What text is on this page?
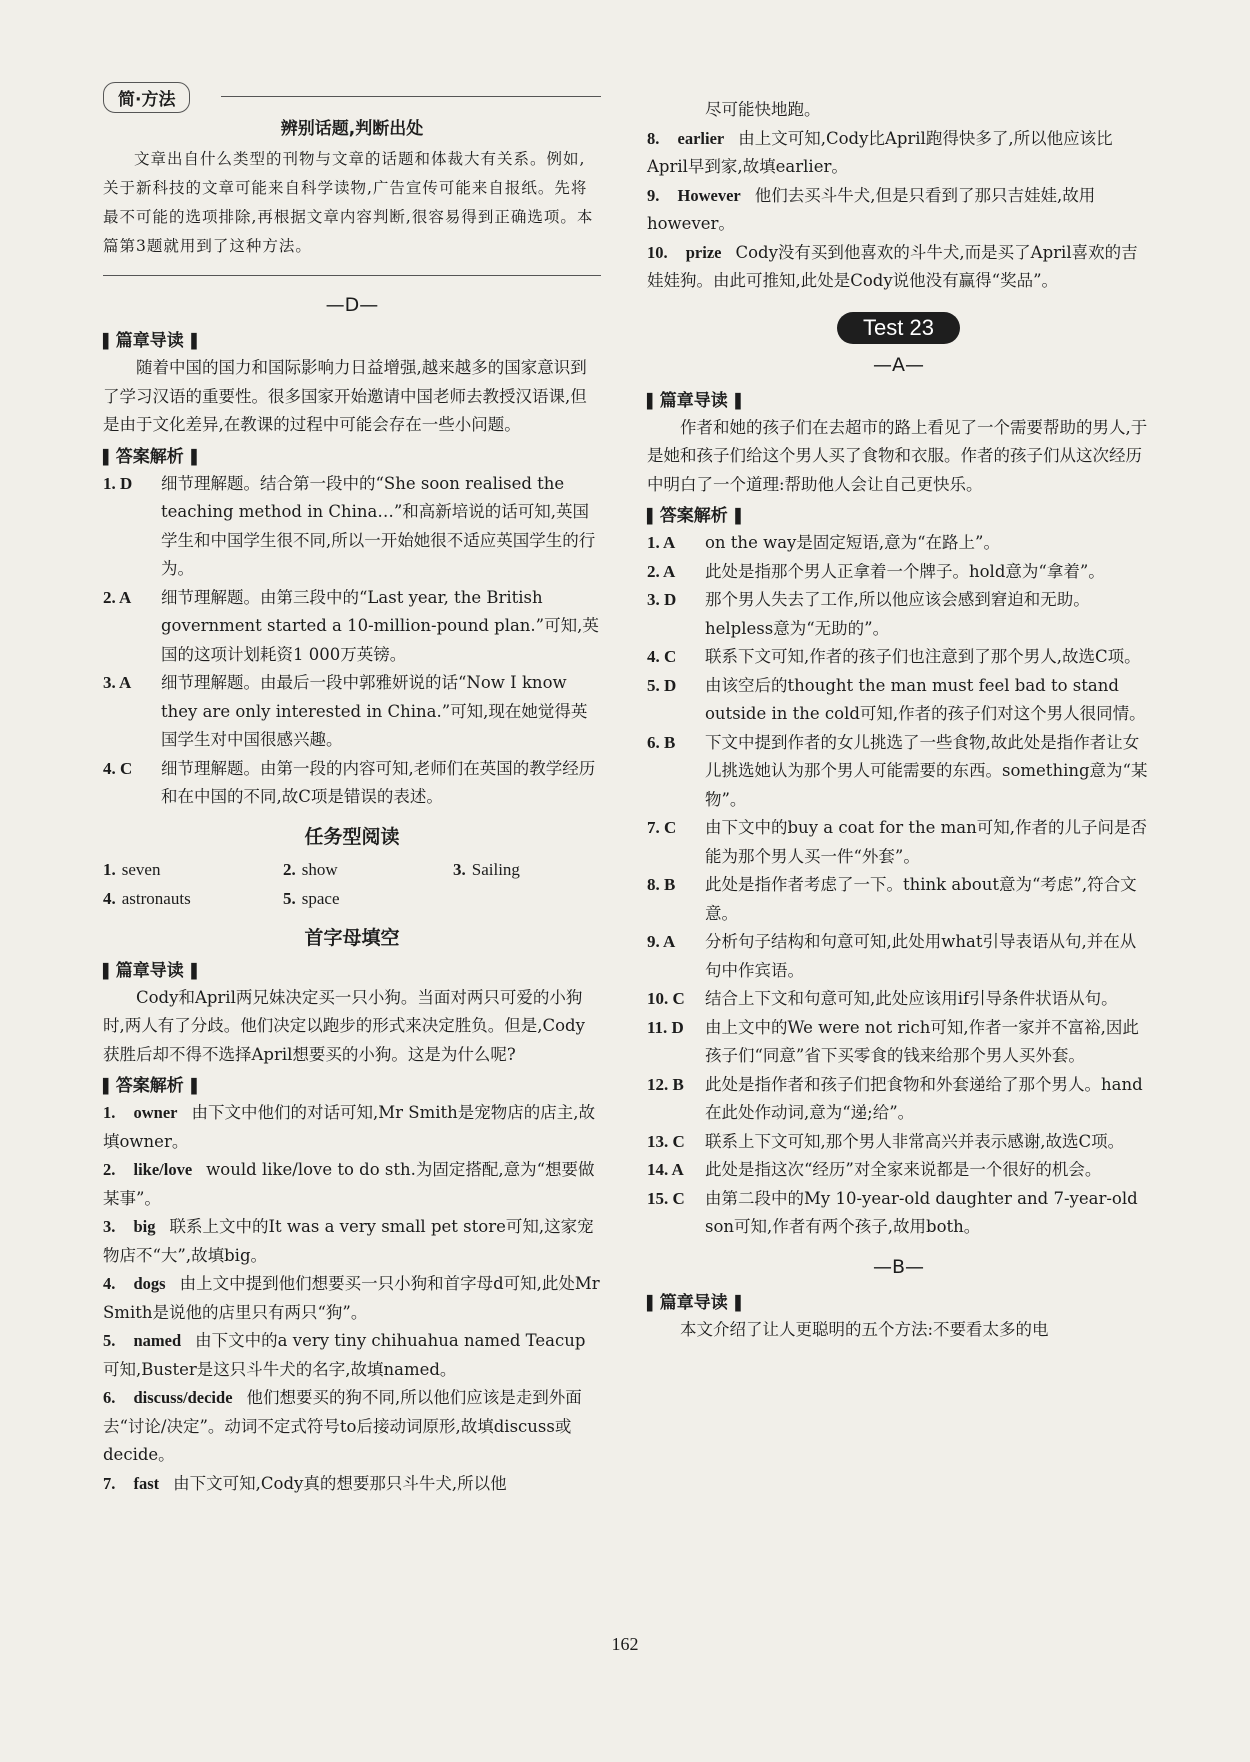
简·方法
辨别话题,判断出处
文章出自什么类型的刊物与文章的话题和体裁大有关系。例如,关于新科技的文章可能来自科学读物,广告宣传可能来自报纸。先将最不可能的选项排除,再根据文章内容判断,很容易得到正确选项。本篇第3题就用到了这种方法。
—D—
▌ 篇章导读 ▐
随着中国的国力和国际影响力日益增强,越来越多的国家意识到了学习汉语的重要性。很多国家开始邀请中国老师去教授汉语课,但是由于文化差异,在教课的过程中可能会存在一些小问题。
▌ 答案解析 ▐
1. D 细节理解题。结合第一段中的“She soon realised the teaching method in China…”和高新培说的话可知,英国学生和中国学生很不同,所以一开始她很不适应英国学生的行为。
2. A 细节理解题。由第三段中的“Last year, the British government started a 10-million-pound plan.”可知,英国的这项计划耗资1 000万英镑。
3. A 细节理解题。由最后一段中郭雅妍说的话“Now I know they are only interested in China.”可知,现在她觉得英国学生对中国很感兴趣。
4. C 细节理解题。由第一段的内容可知,老师们在英国的教学经历和在中国的不同,故C项是错误的表述。
任务型阅读
1. seven	2. show	3. Sailing
4. astronauts	5. space
首字母填空
▌ 篇章导读 ▐
Cody和April两兄妹决定买一只小狗。当面对两只可爱的小狗时,两人有了分歧。他们决定以跑步的形式来决定胜负。但是,Cody获胜后却不得不选择April想要买的小狗。这是为什么呢?
▌ 答案解析 ▐
1. owner 由下文中他们的对话可知,Mr Smith是宠物店的店主,故填owner。
2. like/love would like/love to do sth.为固定搭配,意为“想要做某事”。
3. big 联系上文中的It was a very small pet store可知,这家宠物店不“大”,故填big。
4. dogs 由上文中提到他们想要买一只小狗和首字母d可知,此处Mr Smith是说他的店里只有两只“狗”。
5. named 由下文中的a very tiny chihuahua named Teacup可知,Buster是这只斗牛犬的名字,故填named。
6. discuss/decide 他们想要买的狗不同,所以他们应该是走到外面去“讨论/决定”。动词不定式符号to后接动词原形,故填discuss或decide。
7. fast 由下文可知,Cody真的想要那只斗牛犬,所以他
尽可能快地跑。
8. earlier 由上文可知,Cody比April跑得快多了,所以他应该比April早到家,故填earlier。
9. However 他们去买斗牛犬,但是只看到了那只吉娃娃,故用however。
10. prize Cody没有买到他喜欢的斗牛犬,而是买了April喜欢的吉娃娃狗。由此可推知,此处是Cody说他没有赢得“奖品”。
Test 23
—A—
▌ 篇章导读 ▐
作者和她的孩子们在去超市的路上看见了一个需要帮助的男人,于是她和孩子们给这个男人买了食物和衣服。作者的孩子们从这次经历中明白了一个道理:帮助他人会让自己更快乐。
▌ 答案解析 ▐
1. A on the way是固定短语,意为“在路上”。
2. A 此处是指那个男人正拿着一个牌子。hold意为“拿着”。
3. D 那个男人失去了工作,所以他应该会感到窘迫和无助。helpless意为“无助的”。
4. C 联系下文可知,作者的孩子们也注意到了那个男人,故选C项。
5. D 由该空后的thought the man must feel bad to stand outside in the cold可知,作者的孩子们对这个男人很同情。
6. B 下文中提到作者的女儿挑选了一些食物,故此处是指作者让女儿挑选她认为那个男人可能需要的东西。something意为“某物”。
7. C 由下文中的buy a coat for the man可知,作者的儿子问是否能为那个男人买一件“外套”。
8. B 此处是指作者考虑了一下。think about意为“考虑”,符合文意。
9. A 分析句子结构和句意可知,此处用what引导表语从句,并在从句中作宾语。
10. C 结合上下文和句意可知,此处应该用if引导条件状语从句。
11. D 由上文中的We were not rich可知,作者一家并不富裕,因此孩子们“同意”省下买零食的钱来给那个男人买外套。
12. B 此处是指作者和孩子们把食物和外套递给了那个男人。hand在此处作动词,意为“递;给”。
13. C 联系上下文可知,那个男人非常高兴并表示感谢,故选C项。
14. A 此处是指这次“经历”对全家来说都是一个很好的机会。
15. C 由第二段中的My 10-year-old daughter and 7-year-old son可知,作者有两个孩子,故用both。
—B—
▌ 篇章导读 ▐
本文介绍了让人更聪明的五个方法:不要看太多的电
162
